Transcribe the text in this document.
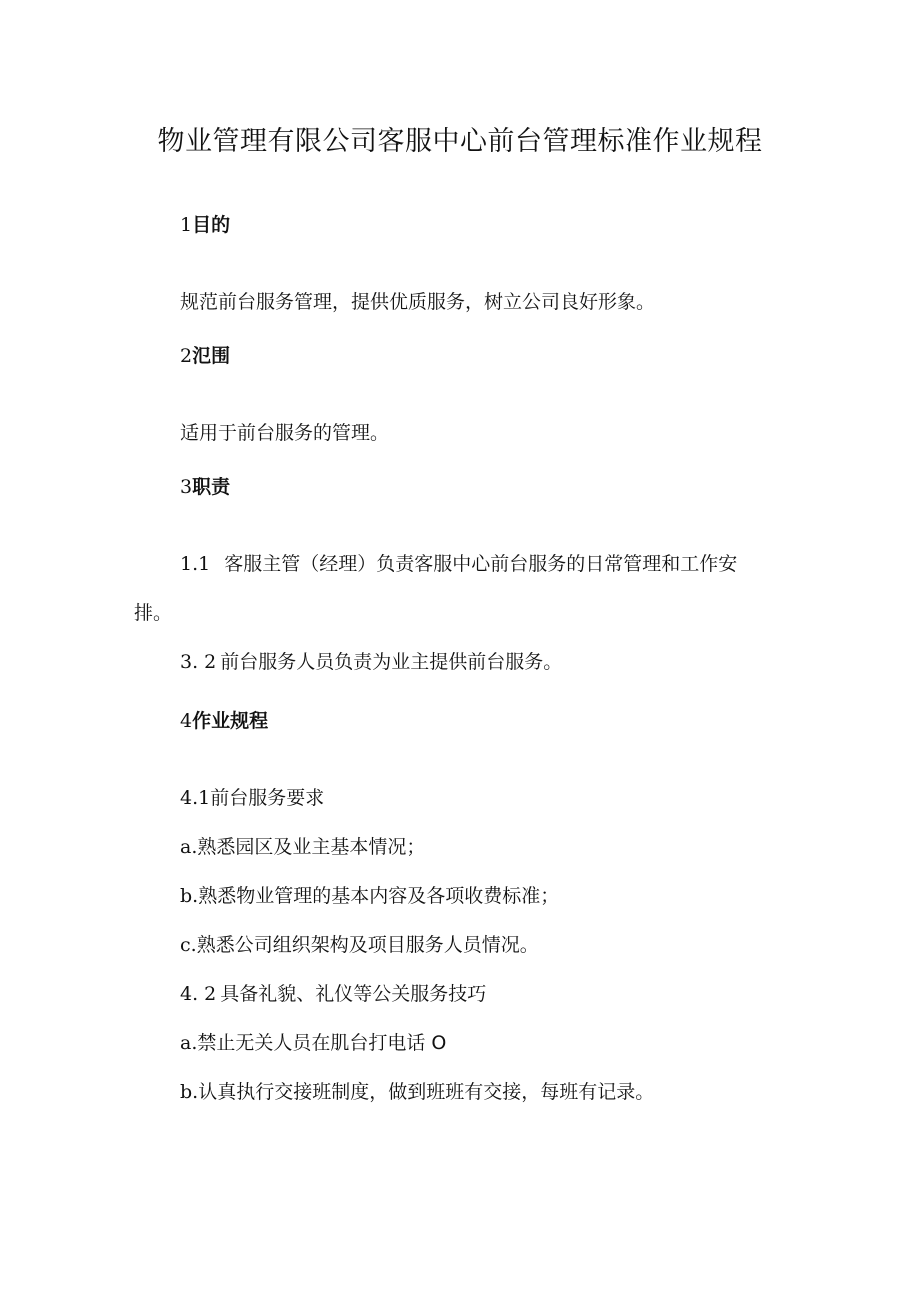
物业管理有限公司客服中心前台管理标准作业规程
1目的
规范前台服务管理，提供优质服务，树立公司良好形象。
2氾围
适用于前台服务的管理。
3职责
1.1 客服主管（经理）负责客服中心前台服务的日常管理和工作安
排。
3. 2 前台服务人员负责为业主提供前台服务。
4作业规程
4.1前台服务要求
a.熟悉园区及业主基本情况；
b.熟悉物业管理的基本内容及各项收费标准；
c.熟悉公司组织架构及项目服务人员情况。
4. 2 具备礼貌、礼仪等公关服务技巧
a.禁止无关人员在肌台打电话 O
b.认真执行交接班制度，做到班班有交接，每班有记录。
